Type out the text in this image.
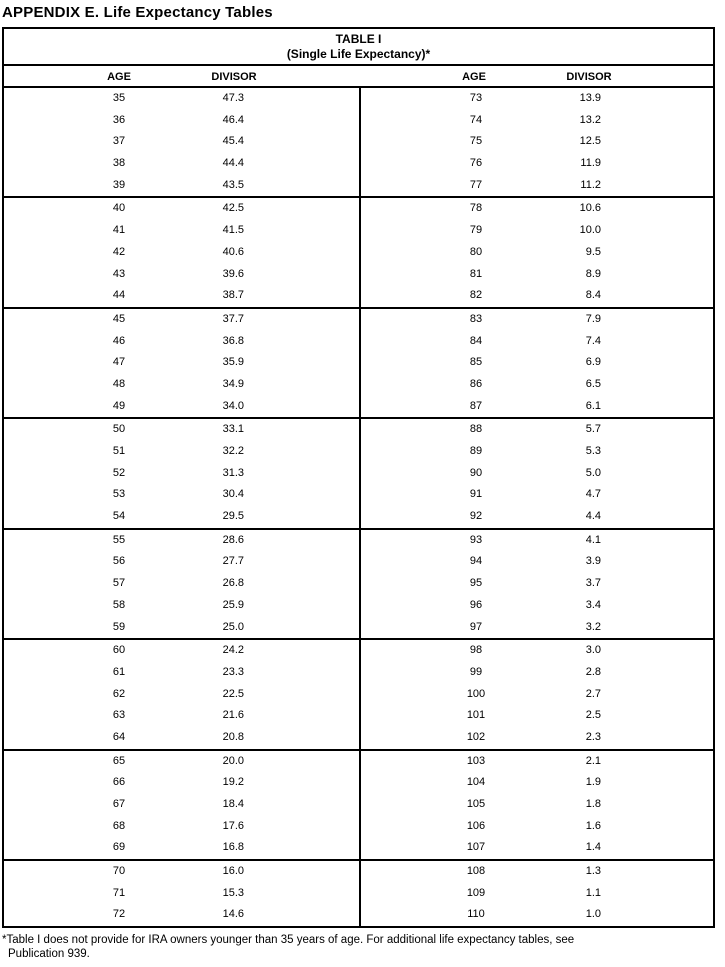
APPENDIX E. Life Expectancy Tables
TABLE I
(Single Life Expectancy)*
AGE	DIVISOR	AGE	DIVISOR
35	47.3
36	46.4
37	45.4
38	44.4
39	43.5
73	13.9
74	13.2
75	12.5
76	11.9
77	11.2
40	42.5
41	41.5
42	40.6
43	39.6
44	38.7
78	10.6
79	10.0
80	9.5
81	8.9
82	8.4
45	37.7
46	36.8
47	35.9
48	34.9
49	34.0
83	7.9
84	7.4
85	6.9
86	6.5
87	6.1
50	33.1
51	32.2
52	31.3
53	30.4
54	29.5
88	5.7
89	5.3
90	5.0
91	4.7
92	4.4
55	28.6
56	27.7
57	26.8
58	25.9
59	25.0
93	4.1
94	3.9
95	3.7
96	3.4
97	3.2
60	24.2
61	23.3
62	22.5
63	21.6
64	20.8
98	3.0
99	2.8
100	2.7
101	2.5
102	2.3
65	20.0
66	19.2
67	18.4
68	17.6
69	16.8
103	2.1
104	1.9
105	1.8
106	1.6
107	1.4
70	16.0
71	15.3
72	14.6
108	1.3
109	1.1
110	1.0
*Table I does not provide for IRA owners younger than 35 years of age. For additional life expectancy tables, see
Publication 939.
